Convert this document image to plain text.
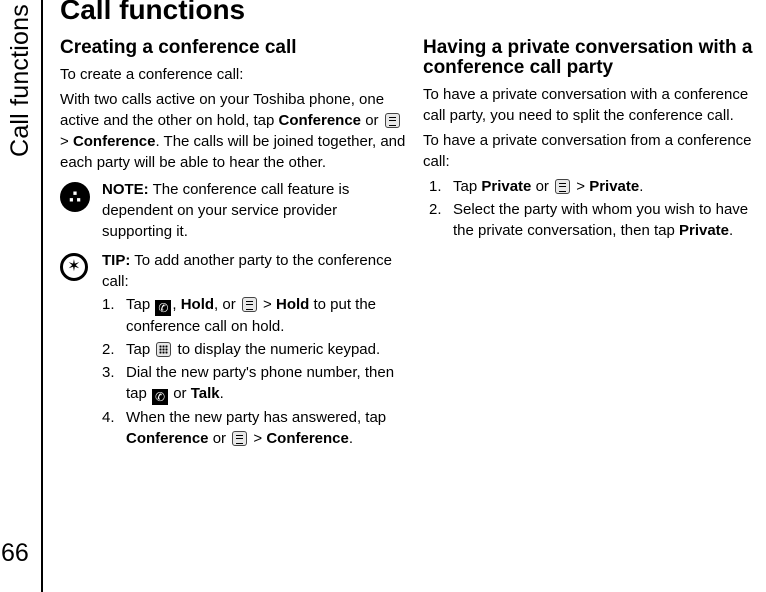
Call functions
66
Call functions
Creating a conference call

To create a conference call:

With two calls active on your Toshiba phone, one active and the other on hold, tap Conference or  > Conference. The calls will be joined together, and each party will be able to hear the other.

∴	NOTE: The conference call feature is dependent on your service provider supporting it.
✶	TIP: To add another party to the conference call:
1. Tap ✆ , Hold, or  > Hold to put the conference call on hold.
2. Tap  to display the numeric keypad.
3. Dial the new party's phone number, then tap ✆ or Talk.
4. When the new party has answered, tap Conference or  > Conference.
Having a private conversation with a conference call party

To have a private conversation with a conference call party, you need to split the conference call.

To have a private conversation from a conference call:

1. Tap Private or  > Private.
2. Select the party with whom you wish to have the private conversation, then tap Private.
